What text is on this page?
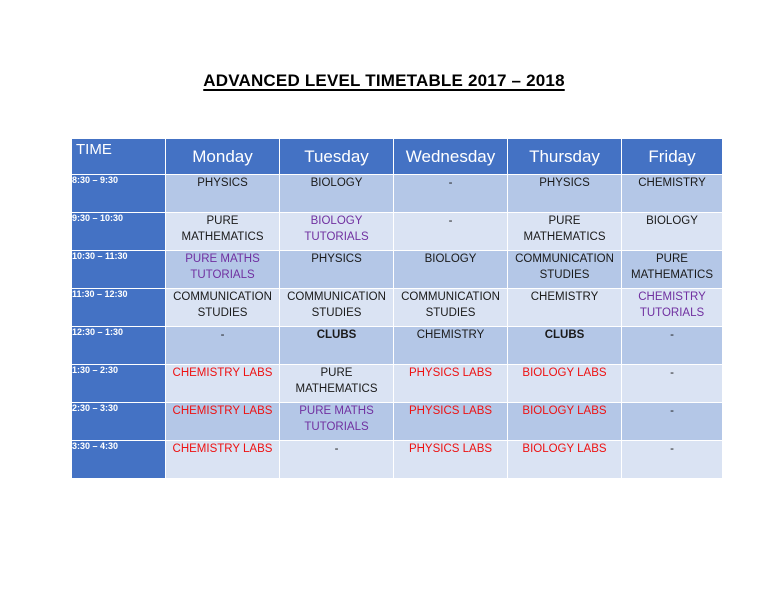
ADVANCED LEVEL TIMETABLE 2017 – 2018
TIME	Monday	Tuesday	Wednesday	Thursday	Friday
8:30 – 9:30	PHYSICS	BIOLOGY	-	PHYSICS	CHEMISTRY
9:30 – 10:30	PURE MATHEMATICS	BIOLOGY TUTORIALS	-	PURE MATHEMATICS	BIOLOGY
10:30 – 11:30	PURE MATHS TUTORIALS	PHYSICS	BIOLOGY	COMMUNICATION STUDIES	PURE MATHEMATICS
11:30 – 12:30	COMMUNICATION STUDIES	COMMUNICATION STUDIES	COMMUNICATION STUDIES	CHEMISTRY	CHEMISTRY TUTORIALS
12:30 – 1:30	-	CLUBS	CHEMISTRY	CLUBS	-
1:30 – 2:30	CHEMISTRY LABS	PURE MATHEMATICS	PHYSICS LABS	BIOLOGY LABS	-
2:30 – 3:30	CHEMISTRY LABS	PURE MATHS TUTORIALS	PHYSICS LABS	BIOLOGY LABS	-
3:30 – 4:30	CHEMISTRY LABS	-	PHYSICS LABS	BIOLOGY LABS	-
